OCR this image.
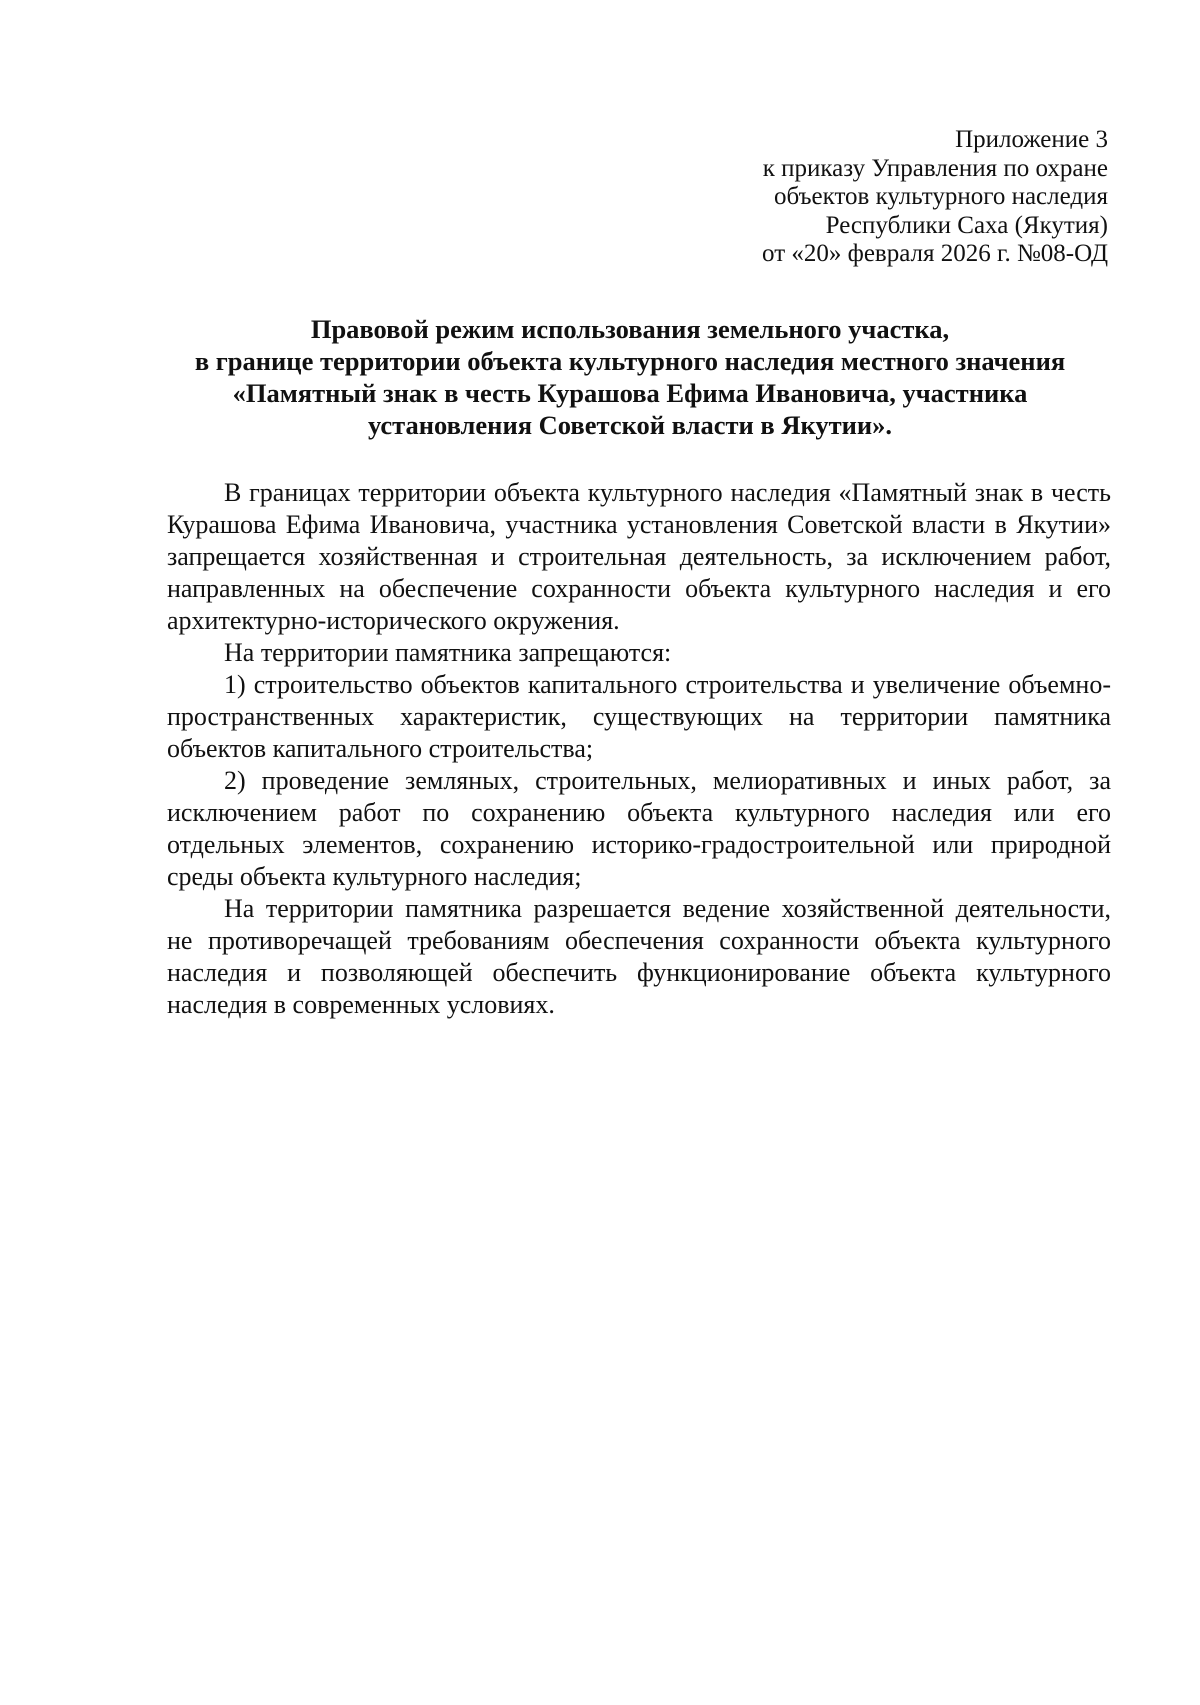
Приложение 3
к приказу Управления по охране
объектов культурного наследия
Республики Саха (Якутия)
от «20» февраля 2026 г. №08-ОД
Правовой режим использования земельного участка,
в границе территории объекта культурного наследия местного значения
«Памятный знак в честь Курашова Ефима Ивановича, участника
установления Советской власти в Якутии».

В границах территории объекта культурного наследия «Памятный знак в честь Курашова Ефима Ивановича, участника установления Советской власти в Якутии» запрещается хозяйственная и строительная деятельность, за исключением работ, направленных на обеспечение сохранности объекта культурного наследия и его архитектурно-исторического окружения.

На территории памятника запрещаются:

1) строительство объектов капитального строительства и увеличение объемно-пространственных характеристик, существующих на территории памятника объектов капитального строительства;

2) проведение земляных, строительных, мелиоративных и иных работ, за исключением работ по сохранению объекта культурного наследия или его отдельных элементов, сохранению историко-градостроительной или природной среды объекта культурного наследия;

На территории памятника разрешается ведение хозяйственной деятельности, не противоречащей требованиям обеспечения сохранности объекта культурного наследия и позволяющей обеспечить функционирование объекта культурного наследия в современных условиях.
